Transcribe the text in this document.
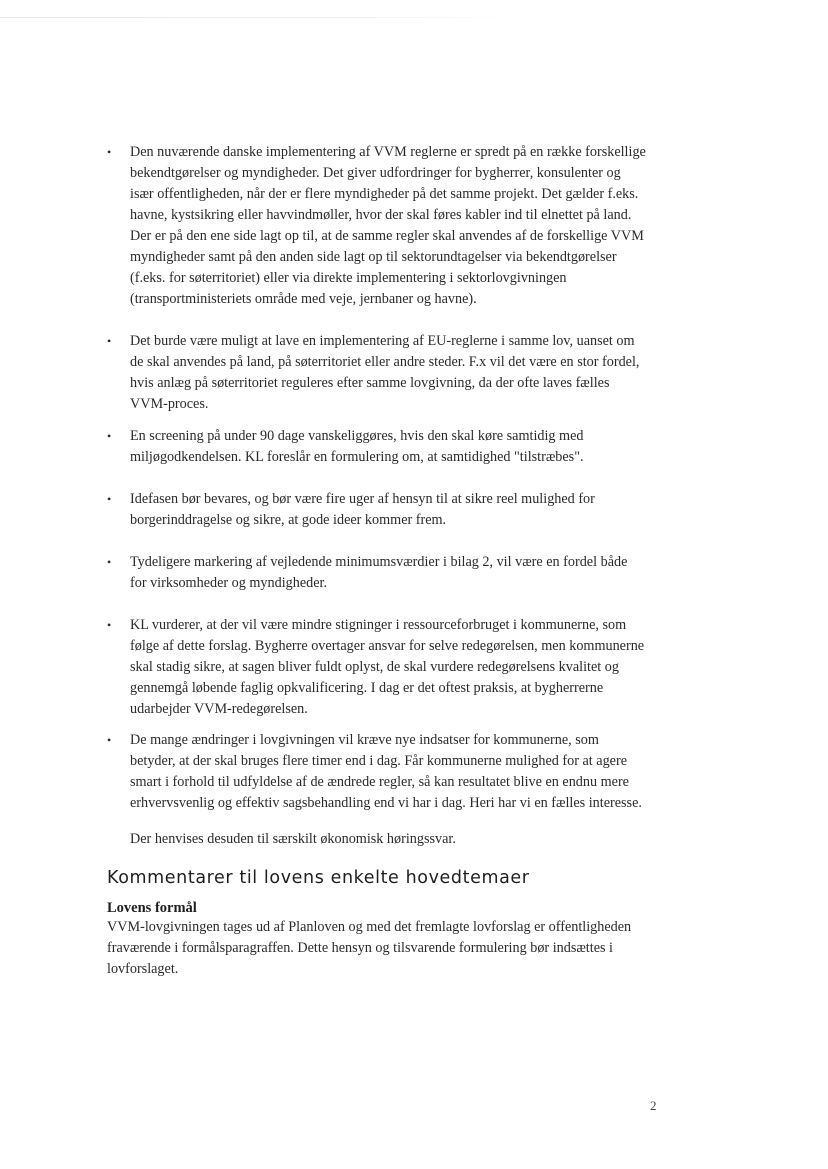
• Den nuværende danske implementering af VVM reglerne er spredt på en række forskellige bekendtgørelser og myndigheder. Det giver udfordringer for bygherrer, konsulenter og især offentligheden, når der er flere myndigheder på det samme projekt. Det gælder f.eks. havne, kystsikring eller havvindmøller, hvor der skal føres kabler ind til elnettet på land. Der er på den ene side lagt op til, at de samme regler skal anvendes af de forskellige VVM myndigheder samt på den anden side lagt op til sektorundtagelser via bekendtgørelser (f.eks. for søterritoriet) eller via direkte implementering i sektorlovgivningen (transportministeriets område med veje, jernbaner og havne).
• Det burde være muligt at lave en implementering af EU-reglerne i samme lov, uanset om de skal anvendes på land, på søterritoriet eller andre steder. F.x vil det være en stor fordel, hvis anlæg på søterritoriet reguleres efter samme lovgivning, da der ofte laves fælles VVM-proces.
• En screening på under 90 dage vanskeliggøres, hvis den skal køre samtidig med miljøgodkendelsen. KL foreslår en formulering om, at samtidighed "tilstræbes".
• Idefasen bør bevares, og bør være fire uger af hensyn til at sikre reel mulighed for borgerinddragelse og sikre, at gode ideer kommer frem.
• Tydeligere markering af vejledende minimumsværdier i bilag 2, vil være en fordel både for virksomheder og myndigheder.
• KL vurderer, at der vil være mindre stigninger i ressourceforbruget i kommunerne, som følge af dette forslag. Bygherre overtager ansvar for selve redegørelsen, men kommunerne skal stadig sikre, at sagen bliver fuldt oplyst, de skal vurdere redegørelsens kvalitet og gennemgå løbende faglig opkvalificering. I dag er det oftest praksis, at bygherrerne udarbejder VVM-redegørelsen.
• De mange ændringer i lovgivningen vil kræve nye indsatser for kommunerne, som betyder, at der skal bruges flere timer end i dag. Får kommunerne mulighed for at agere smart i forhold til udfyldelse af de ændrede regler, så kan resultatet blive en endnu mere erhvervsvenlig og effektiv sagsbehandling end vi har i dag. Heri har vi en fælles interesse.

Der henvises desuden til særskilt økonomisk høringssvar.

Kommentarer til lovens enkelte hovedtemaer
Lovens formål

VVM-lovgivningen tages ud af Planloven og med det fremlagte lovforslag er offentligheden fraværende i formålsparagraffen. Dette hensyn og tilsvarende formulering bør indsættes i lovforslaget.

2
